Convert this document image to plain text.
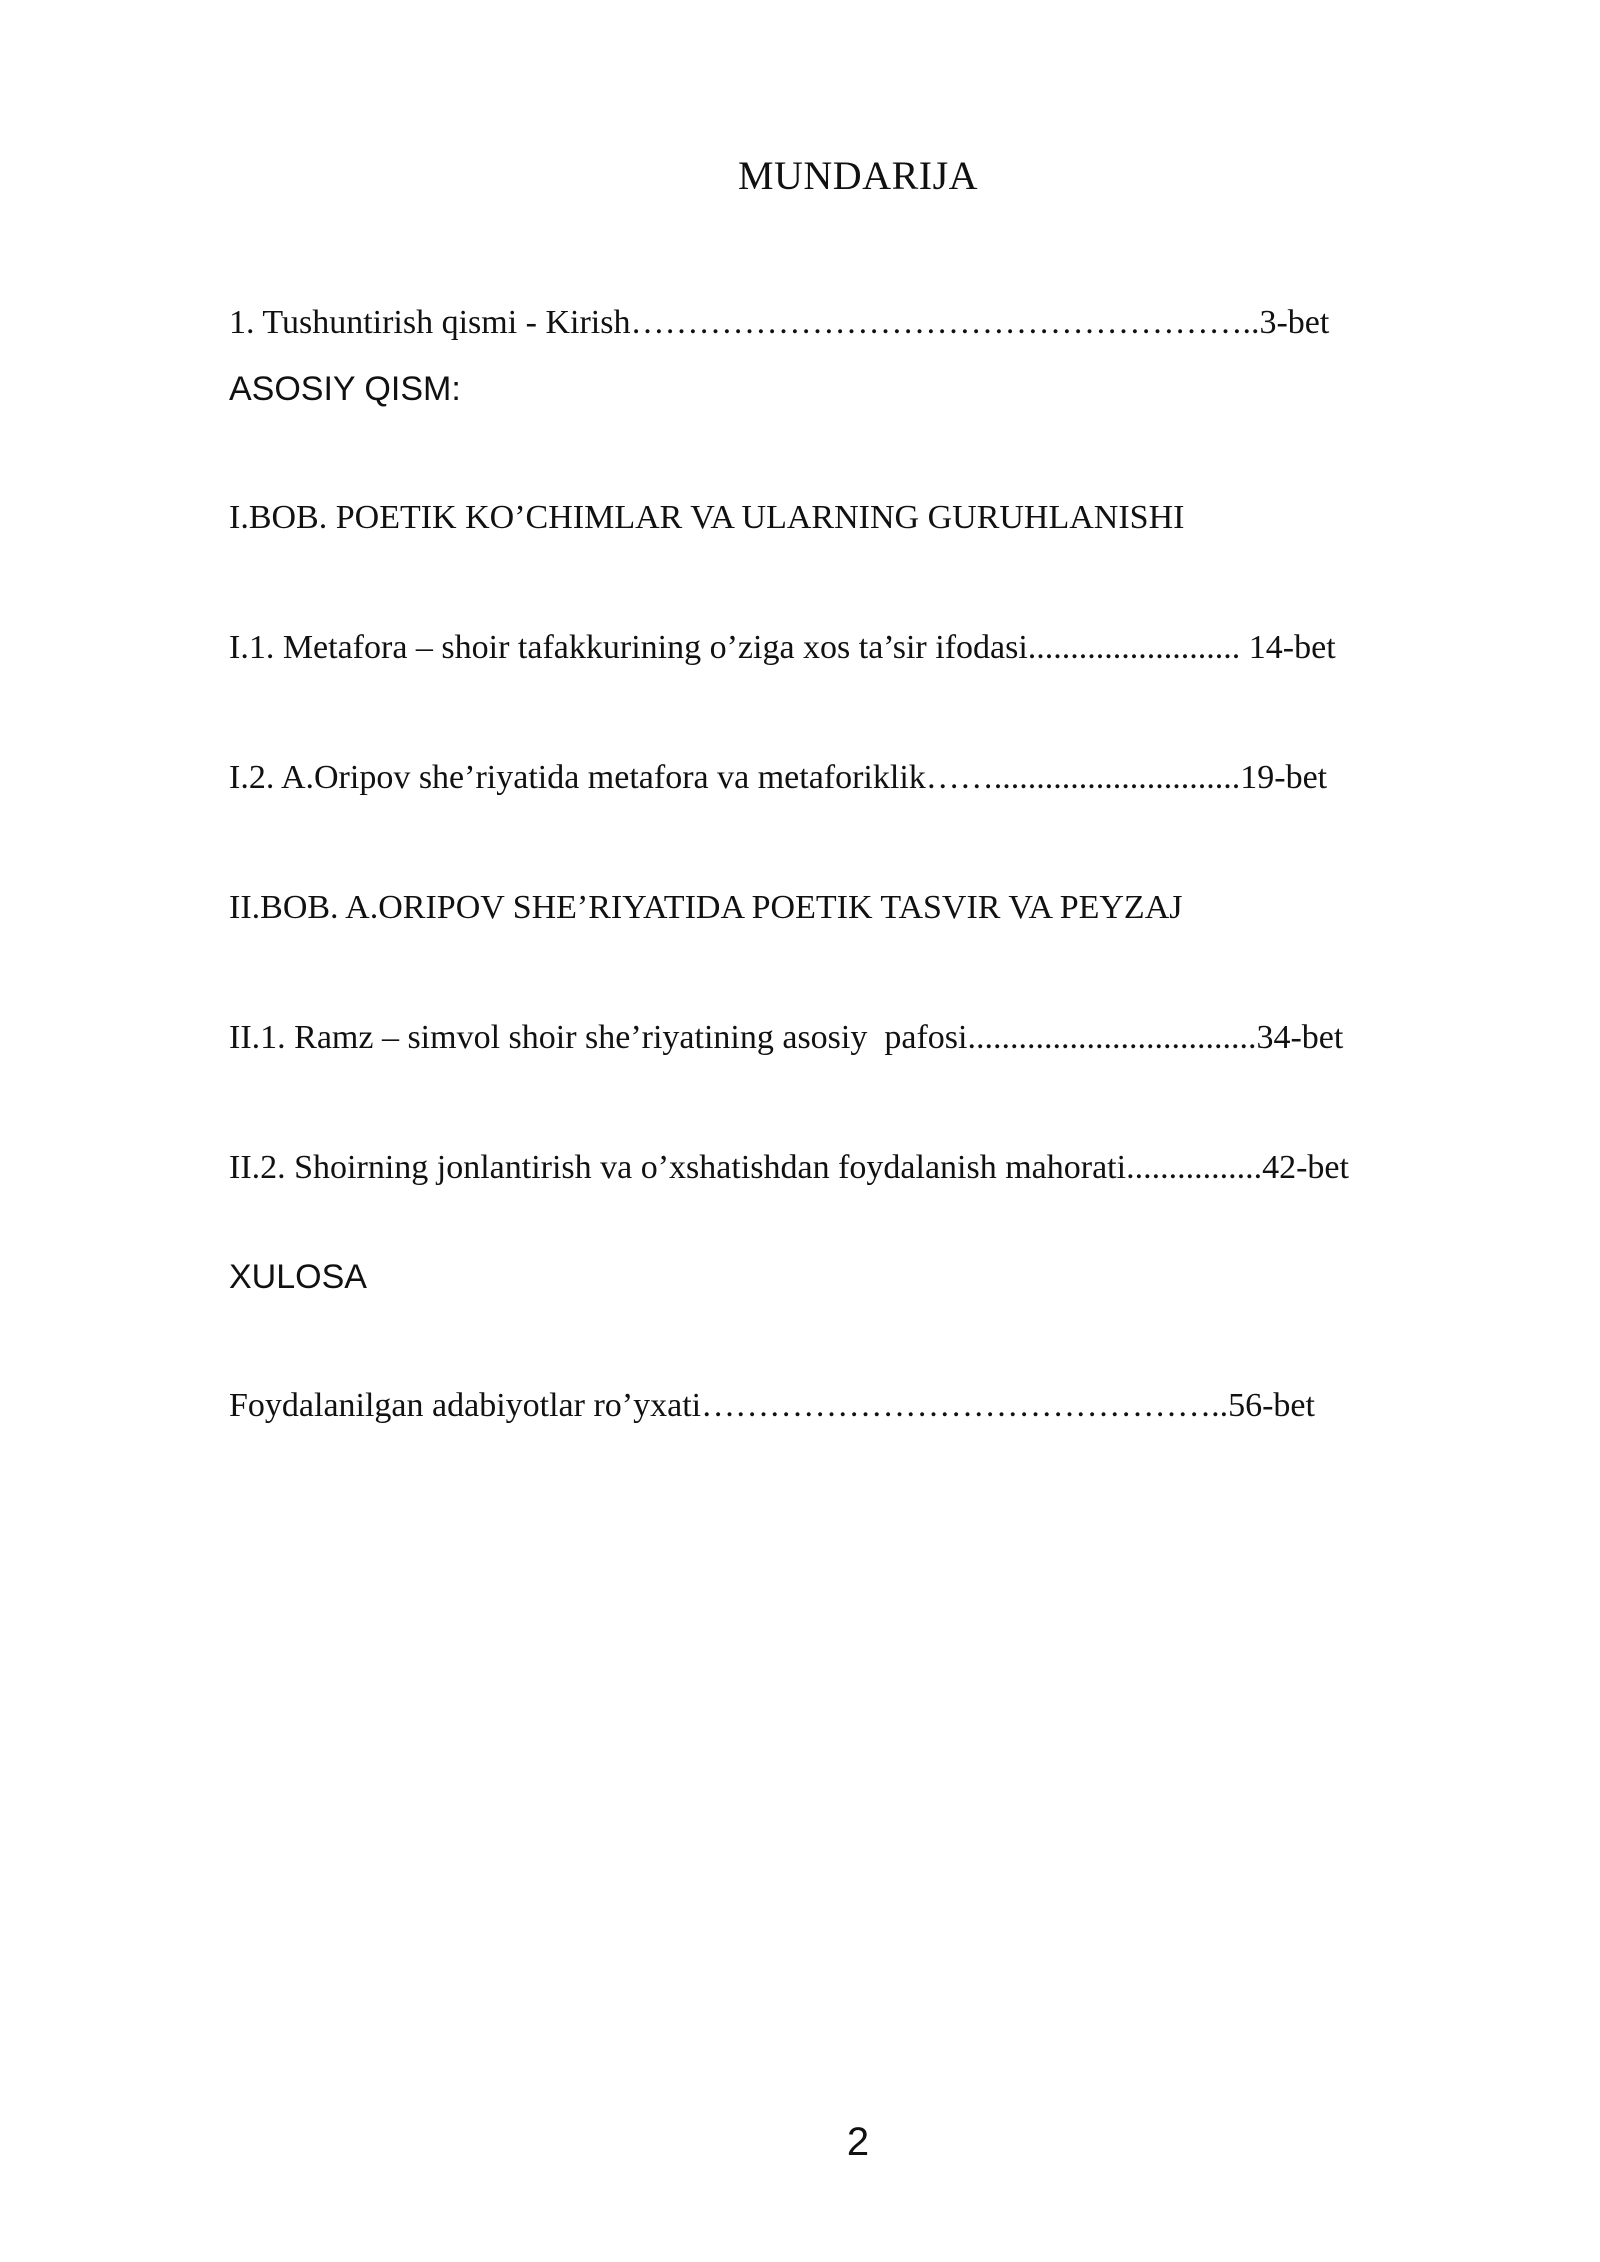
MUNDARIJA

1. Tushuntirish qismi - Kirish………………………………………………..3-bet

ASOSIY QISM:

I.BOB. POETIK KO’CHIMLAR VA ULARNING GURUHLANISHI

I.1. Metafora – shoir tafakkurining o’ziga xos ta’sir ifodasi......................... 14-bet

I.2. A.Oripov she’riyatida metafora va metaforiklik…….............................19-bet

II.BOB. A.ORIPOV SHE’RIYATIDA POETIK TASVIR VA PEYZAJ

II.1. Ramz – simvol shoir she’riyatining asosiy  pafosi..................................34-bet

II.2. Shoirning jonlantirish va o’xshatishdan foydalanish mahorati................42-bet

XULOSA

Foydalanilgan adabiyotlar ro’yxati………………………………………..56-bet

2
